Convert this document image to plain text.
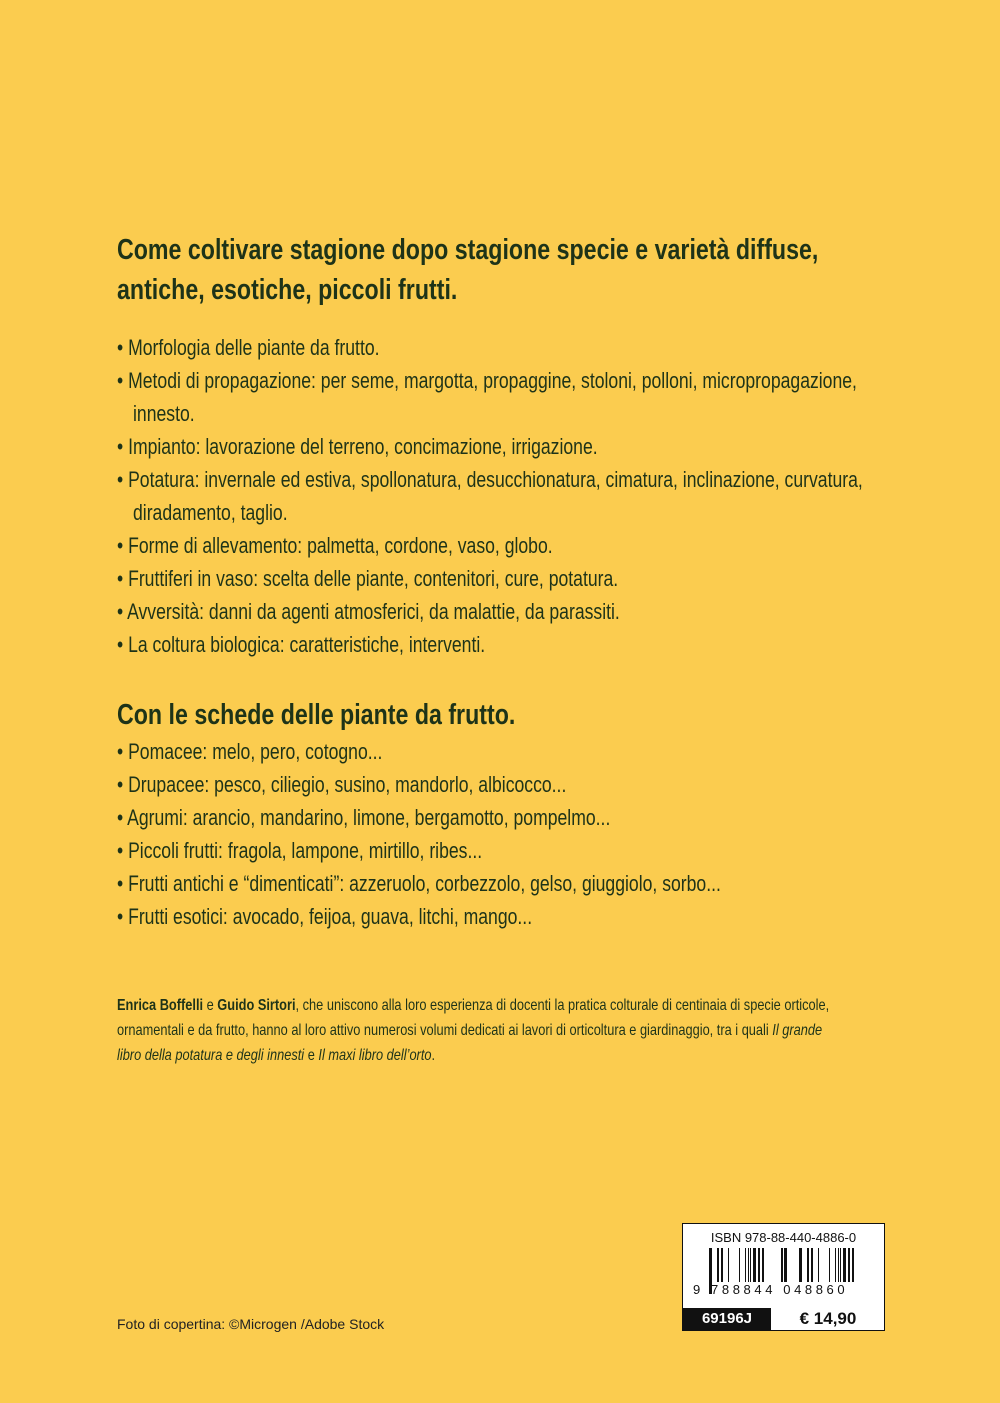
Come coltivare stagione dopo stagione specie e varietà diffuse, antiche, esotiche, piccoli frutti.
• Morfologia delle piante da frutto.
• Metodi di propagazione: per seme, margotta, propaggine, stoloni, polloni, micropropagazione, innesto.
• Impianto: lavorazione del terreno, concimazione, irrigazione.
• Potatura: invernale ed estiva, spollonatura, desucchionatura, cimatura, inclinazione, curvatura, diradamento, taglio.
• Forme di allevamento: palmetta, cordone, vaso, globo.
• Fruttiferi in vaso: scelta delle piante, contenitori, cure, potatura.
• Avversità: danni da agenti atmosferici, da malattie, da parassiti.
• La coltura biologica: caratteristiche, interventi.
Con le schede delle piante da frutto.
• Pomacee: melo, pero, cotogno...
• Drupacee: pesco, ciliegio, susino, mandorlo, albicocco...
• Agrumi: arancio, mandarino, limone, bergamotto, pompelmo...
• Piccoli frutti: fragola, lampone, mirtillo, ribes...
• Frutti antichi e “dimenticati”: azzeruolo, corbezzolo, gelso, giuggiolo, sorbo...
• Frutti esotici: avocado, feijoa, guava, litchi, mango...
Enrica Boffelli e Guido Sirtori, che uniscono alla loro esperienza di docenti la pratica colturale di centinaia di specie orticole, ornamentali e da frutto, hanno al loro attivo numerosi volumi dedicati ai lavori di orticoltura e giardinaggio, tra i quali Il grande libro della potatura e degli innesti e Il maxi libro dell’orto.
Foto di copertina: ©Microgen /Adobe Stock
ISBN 978-88-440-4886-0
9 788844 048860
69196J	€ 14,90
